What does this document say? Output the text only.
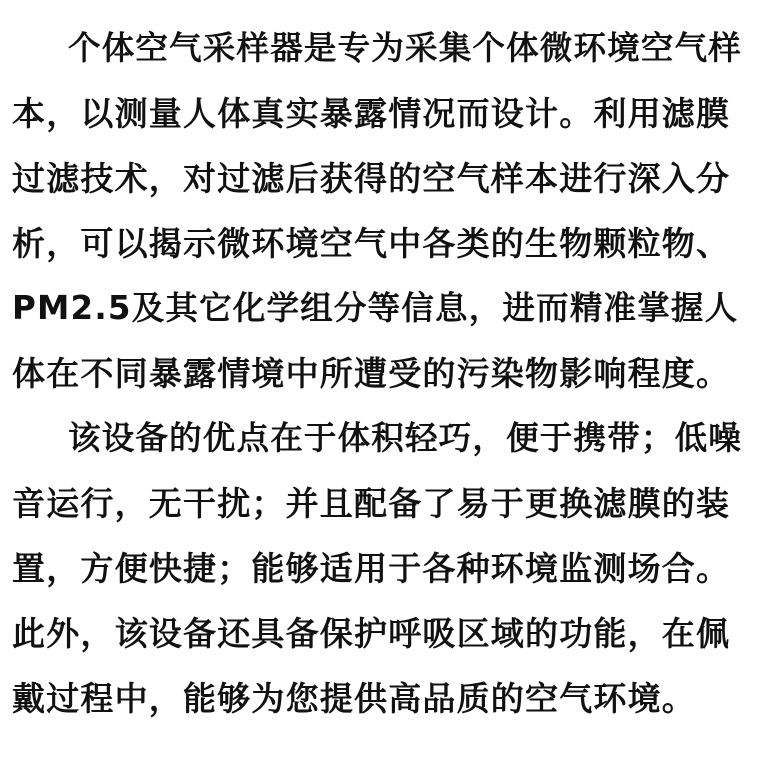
个体空气采样器是专为采集个体微环境空气样
本，以测量人体真实暴露情况而设计。利用滤膜
过滤技术，对过滤后获得的空气样本进行深入分
析，可以揭示微环境空气中各类的生物颗粒物、
PM2.5及其它化学组分等信息，进而精准掌握人
体在不同暴露情境中所遭受的污染物影响程度。
该设备的优点在于体积轻巧，便于携带；低噪
音运行，无干扰；并且配备了易于更换滤膜的装
置，方便快捷；能够适用于各种环境监测场合。
此外，该设备还具备保护呼吸区域的功能，在佩
戴过程中，能够为您提供高品质的空气环境。
